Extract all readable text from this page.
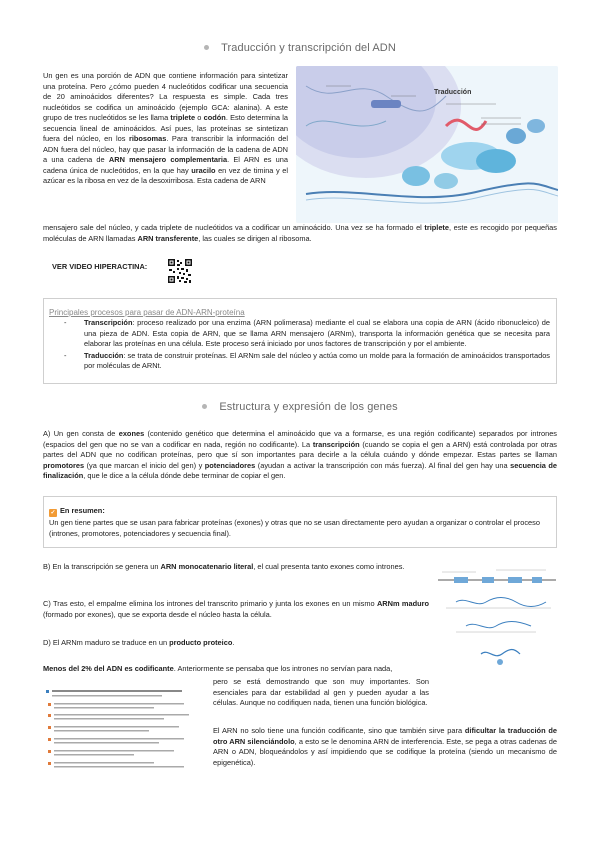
Traducción y transcripción del ADN

Un gen es una porción de ADN que contiene información para sintetizar una proteína. Pero ¿cómo pueden 4 nucleótidos codificar una secuencia de 20 aminoácidos diferentes? La respuesta es simple. Cada tres nucleótidos se codifica un aminoácido (ejemplo GCA: alanina). A este grupo de tres nucleótidos se les llama triplete o codón. Esto determina la secuencia lineal de aminoácidos. Así pues, las proteínas se sintetizan fuera del núcleo, en los ribosomas. Para transcribir la información del ADN fuera del núcleo, hay que pasar la información de la cadena de ADN a una cadena de ARN mensajero complementaria. El ARN es una cadena única de nucleótidos, en la que hay uracilo en vez de timina y el azúcar es la ribosa en vez de la desoxirribosa. Esta cadena de ARN

Traducción

mensajero sale del núcleo, y cada triplete de nucleótidos va a codificar un aminoácido. Una vez se ha formado el triplete, este es recogido por pequeñas moléculas de ARN llamadas ARN transferente, las cuales se dirigen al ribosoma.

VER VIDEO HIPERACTINA:
Principales procesos para pasar de ADN-ARN-proteína
- Transcripción: proceso realizado por una enzima (ARN polimerasa) mediante el cual se elabora una copia de ARN (ácido ribonucleico) de una pieza de ADN. Esta copia de ARN, que se llama ARN mensajero (ARNm), transporta la información genética que se necesita para elaborar las proteínas en una célula. Este proceso será iniciado por unos factores de transcripción y por el ambiente.
- Traducción: se trata de construir proteínas. El ARNm sale del núcleo y actúa como un molde para la formación de aminoácidos transportados por moléculas de ARNt.
Estructura y expresión de los genes

A) Un gen consta de exones (contenido genético que determina el aminoácido que va a formarse, es una región codificante) separados por intrones (espacios del gen que no se van a codificar en nada, región no codificante). La transcripción (cuando se copia el gen a ARN) está controlada por otras partes del ADN que no codifican proteínas, pero que sí son importantes para decirle a la célula cuándo y dónde empezar. Estas partes se llaman promotores (ya que marcan el inicio del gen) y potenciadores (ayudan a activar la transcripción con más fuerza). Al final del gen hay una secuencia de finalización, que le dice a la célula dónde debe terminar de copiar el gen.

✓ En resumen:
Un gen tiene partes que se usan para fabricar proteínas (exones) y otras que no se usan directamente pero ayudan a organizar o controlar el proceso (intrones, promotores, potenciadores y secuencia final).

B) En la transcripción se genera un ARN monocatenario literal, el cual presenta tanto exones como intrones.

C) Tras esto, el empalme elimina los intrones del transcrito primario y junta los exones en un mismo ARNm maduro (formado por exones), que se exporta desde el núcleo hasta la célula.

D) El ARNm maduro se traduce en un producto proteico.

Menos del 2% del ADN es codificante. Anteriormente se pensaba que los intrones no servían para nada,

pero se está demostrando que son muy importantes. Son esenciales para dar estabilidad al gen y pueden ayudar a las células. Aunque no codifiquen nada, tienen una función biológica.

El ARN no solo tiene una función codificante, sino que también sirve para dificultar la traducción de otro ARN silenciándolo, a esto se le denomina ARN de interferencia. Este, se pega a otras cadenas de ARN o ADN, bloqueándolos y así impidiendo que se codifique la proteína (siendo un mecanismo de epigenética).
